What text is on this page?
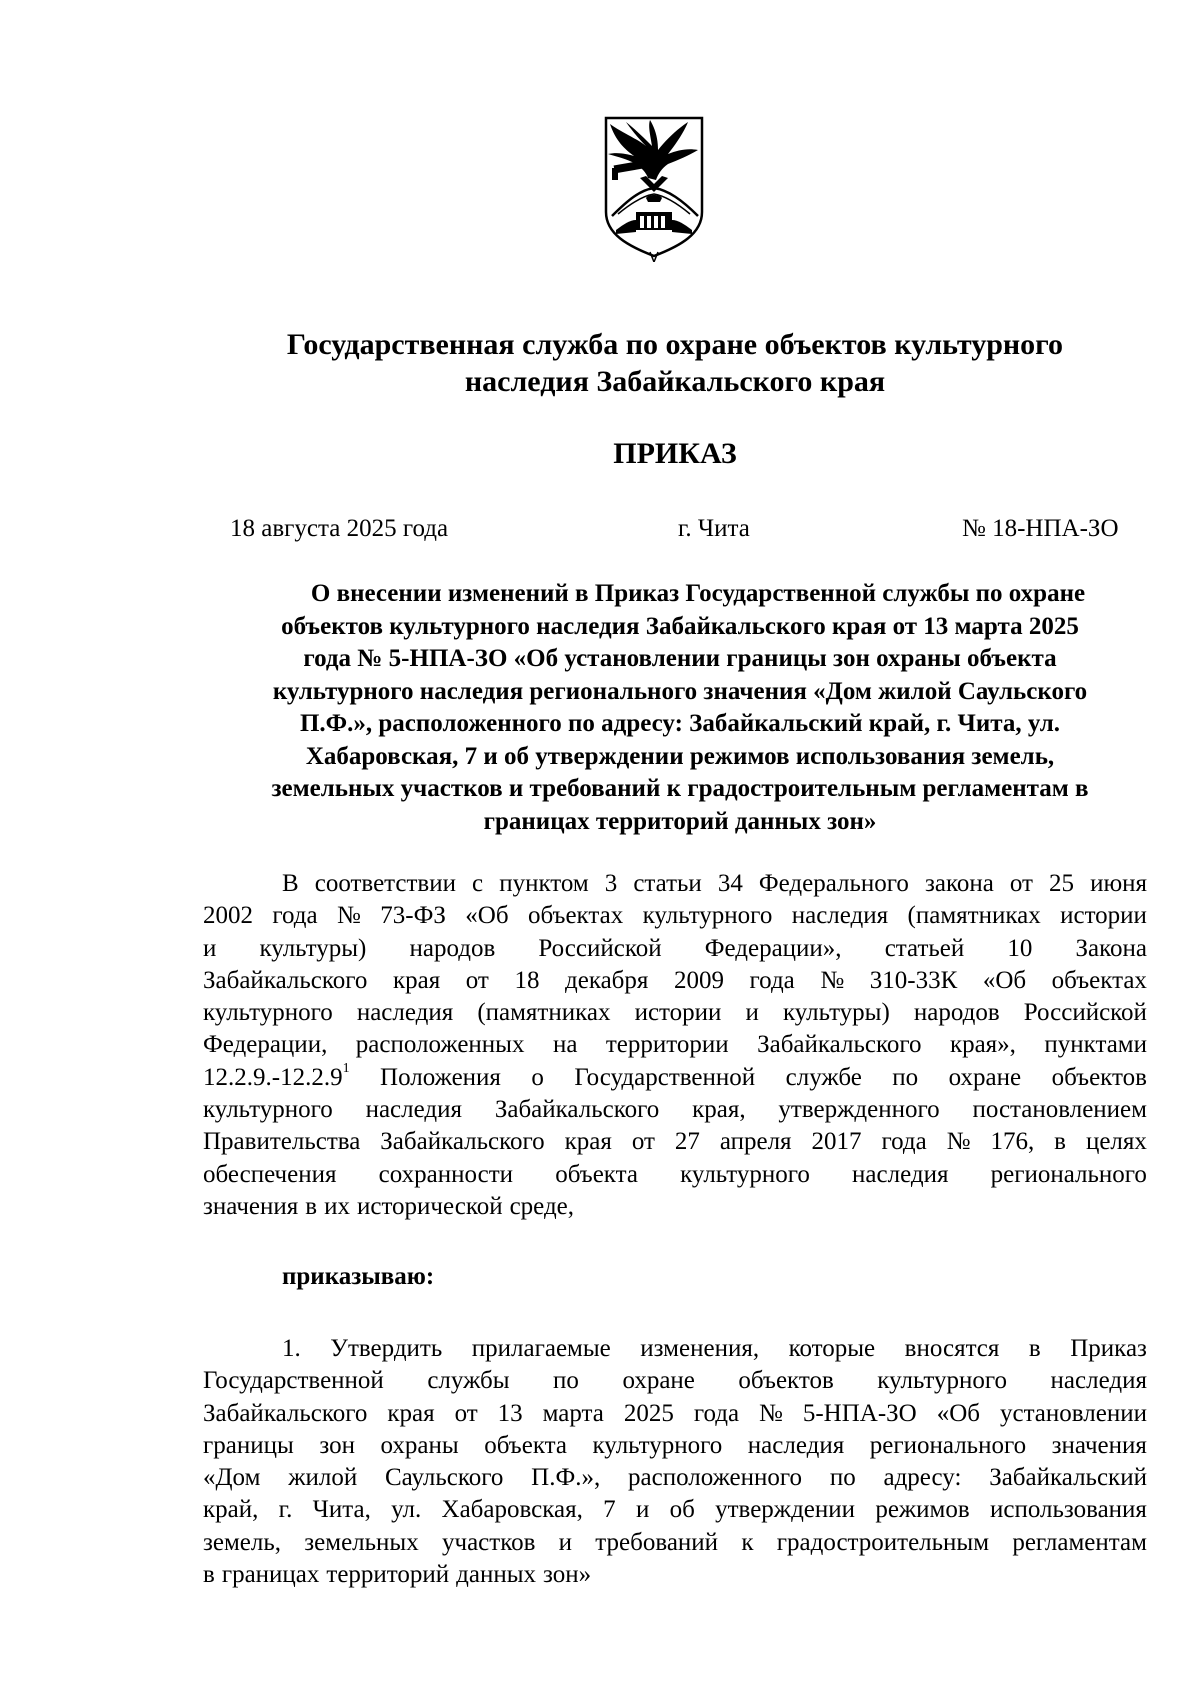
Государственная служба по охране объектов культурного
наследия Забайкальского края
ПРИКАЗ
18 августа 2025 года	г. Чита	№ 18-НПА-ЗО
О внесении изменений в Приказ Государственной службы по охране
объектов культурного наследия Забайкальского края от 13 марта 2025
года № 5-НПА-ЗО «Об установлении границы зон охраны объекта
культурного наследия регионального значения «Дом жилой Саульского
П.Ф.», расположенного по адресу: Забайкальский край, г. Чита, ул.
Хабаровская, 7 и об утверждении режимов использования земель,
земельных участков и требований к градостроительным регламентам в
границах территорий данных зон»
В соответствии с пунктом 3 статьи 34 Федерального закона от 25 июня
2002 года № 73-ФЗ «Об объектах культурного наследия (памятниках истории
и культуры) народов Российской Федерации», статьей 10 Закона
Забайкальского края от 18 декабря 2009 года № 310-33К «Об объектах
культурного наследия (памятниках истории и культуры) народов Российской
Федерации, расположенных на территории Забайкальского края», пунктами
12.2.9.-12.2.9$^1$ Положения о Государственной службе по охране объектов
культурного наследия Забайкальского края, утвержденного постановлением
Правительства Забайкальского края от 27 апреля 2017 года № 176, в целях
обеспечения сохранности объекта культурного наследия регионального
значения в их исторической среде,
приказываю:
1. Утвердить прилагаемые изменения, которые вносятся в Приказ
Государственной службы по охране объектов культурного наследия
Забайкальского края от 13 марта 2025 года № 5-НПА-ЗО «Об установлении
границы зон охраны объекта культурного наследия регионального значения
«Дом жилой Саульского П.Ф.», расположенного по адресу: Забайкальский
край, г. Чита, ул. Хабаровская, 7 и об утверждении режимов использования
земель, земельных участков и требований к градостроительным регламентам
в границах территорий данных зон»
